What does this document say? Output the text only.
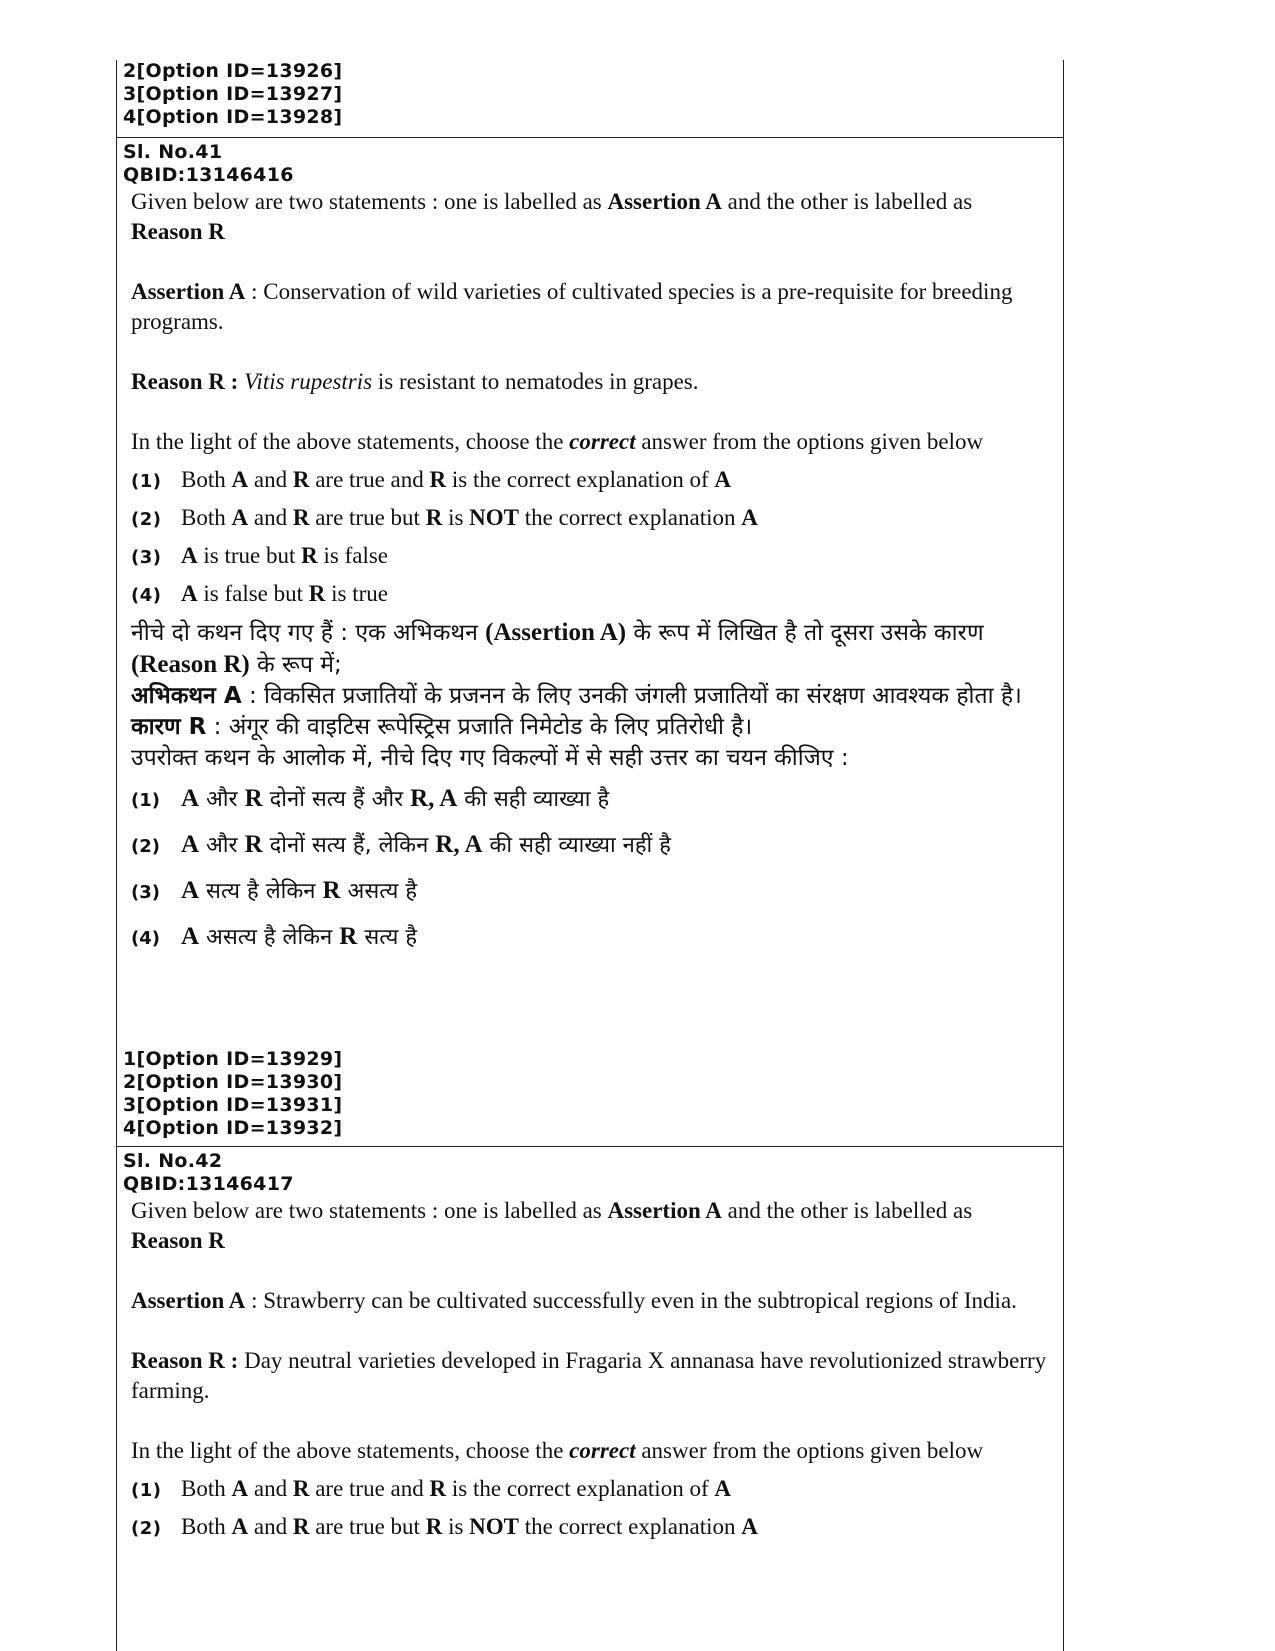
2[Option ID=13926]
3[Option ID=13927]
4[Option ID=13928]
Sl. No.41
QBID:13146416

Given below are two statements : one is labelled as Assertion A and the other is labelled as
Reason R

Assertion A : Conservation of wild varieties of cultivated species is a pre-requisite for breeding programs.

Reason R : Vitis rupestris is resistant to nematodes in grapes.

In the light of the above statements, choose the correct answer from the options given below

(1) Both A and R are true and R is the correct explanation of A
(2) Both A and R are true but R is NOT the correct explanation A
(3) A is true but R is false
(4) A is false but R is true
नीचे दो कथन दिए गए हैं : एक अभिकथन (Assertion A) के रूप में लिखित है तो दूसरा उसके कारण
(Reason R) के रूप में;
अभिकथन A : विकसित प्रजातियों के प्रजनन के लिए उनकी जंगली प्रजातियों का संरक्षण आवश्यक होता है।
कारण R : अंगूर की वाइटिस रूपेस्ट्रिस प्रजाति निमेटोड के लिए प्रतिरोधी है।
उपरोक्त कथन के आलोक में, नीचे दिए गए विकल्पों में से सही उत्तर का चयन कीजिए :
(1) A और R दोनों सत्य हैं और R, A की सही व्याख्या है
(2) A और R दोनों सत्य हैं, लेकिन R, A की सही व्याख्या नहीं है
(3) A सत्य है लेकिन R असत्य है
(4) A असत्य है लेकिन R सत्य है
1[Option ID=13929]
2[Option ID=13930]
3[Option ID=13931]
4[Option ID=13932]
Sl. No.42
QBID:13146417

Given below are two statements : one is labelled as Assertion A and the other is labelled as
Reason R

Assertion A : Strawberry can be cultivated successfully even in the subtropical regions of India.

Reason R : Day neutral varieties developed in Fragaria X annanasa have revolutionized strawberry farming.

In the light of the above statements, choose the correct answer from the options given below

(1) Both A and R are true and R is the correct explanation of A
(2) Both A and R are true but R is NOT the correct explanation A
